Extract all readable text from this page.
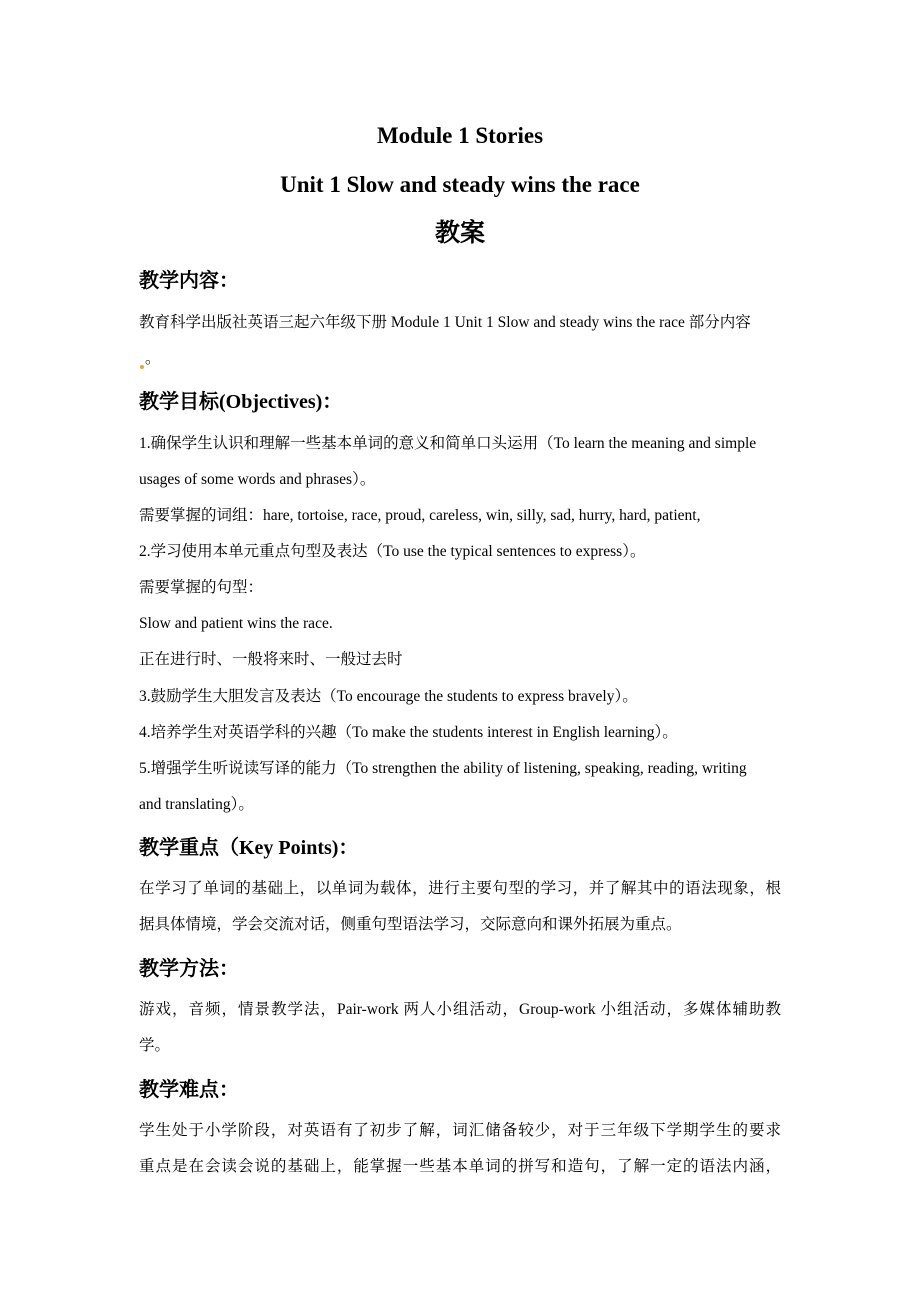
Module 1 Stories
Unit 1 Slow and steady wins the race
教案
教学内容：
教育科学出版社英语三起六年级下册 Module 1 Unit 1 Slow and steady wins the race 部分内容
。
教学目标(Objectives)：
1.确保学生认识和理解一些基本单词的意义和简单口头运用（To learn the meaning and simple
usages of some words and phrases）。
需要掌握的词组：hare, tortoise, race, proud, careless, win, silly, sad, hurry, hard, patient,
2.学习使用本单元重点句型及表达（To use the typical sentences to express）。
需要掌握的句型：
Slow and patient wins the race.
正在进行时、一般将来时、一般过去时
3.鼓励学生大胆发言及表达（To encourage the students to express bravely）。
4.培养学生对英语学科的兴趣（To make the students interest in English learning）。
5.增强学生听说读写译的能力（To strengthen the ability of listening, speaking, reading, writing
and translating）。
教学重点（Key Points)：
在学习了单词的基础上，以单词为载体，进行主要句型的学习，并了解其中的语法现象，根
据具体情境，学会交流对话，侧重句型语法学习，交际意向和课外拓展为重点。
教学方法：
游戏，音频，情景教学法，Pair-work 两人小组活动，Group-work 小组活动，多媒体辅助教
学。
教学难点：
学生处于小学阶段，对英语有了初步了解，词汇储备较少，对于三年级下学期学生的要求
重点是在会读会说的基础上，能掌握一些基本单词的拼写和造句，了解一定的语法内涵，
